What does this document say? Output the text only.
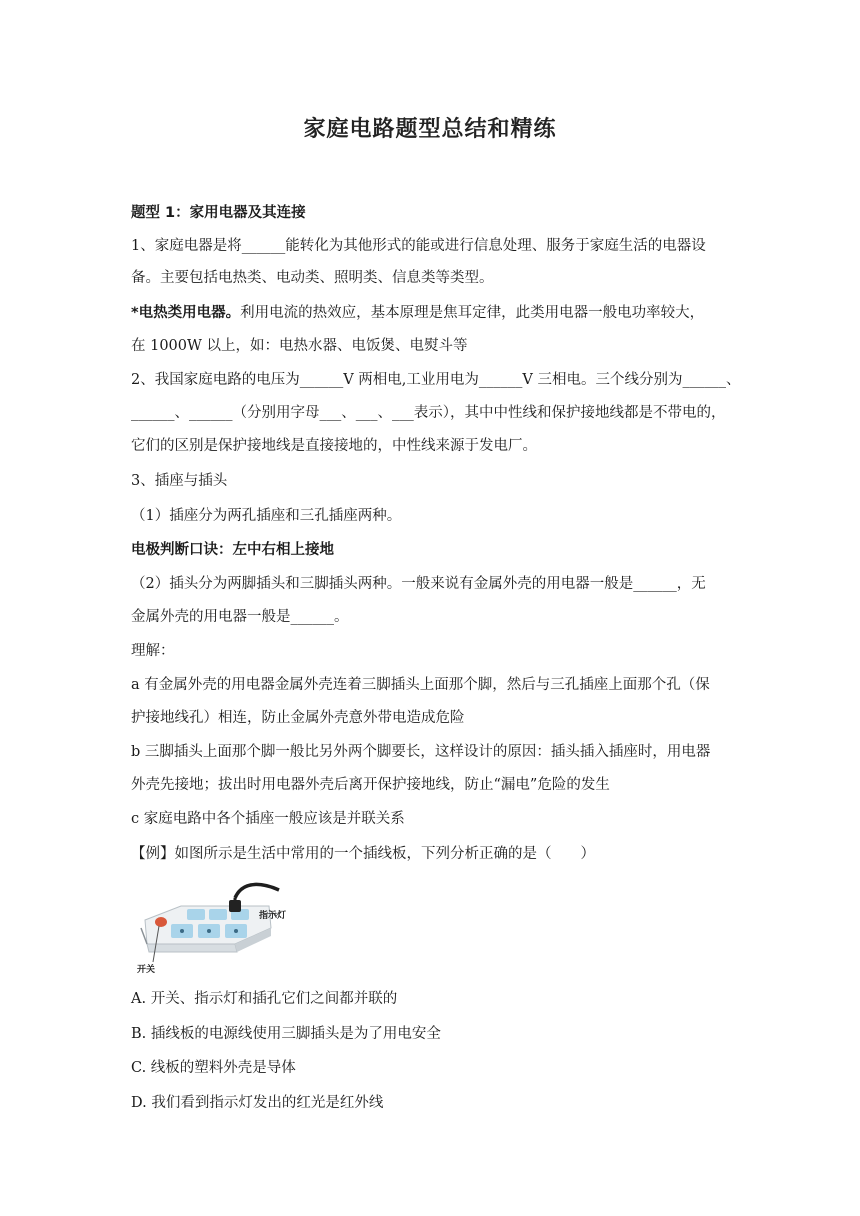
家庭电路题型总结和精练
题型 1：家用电器及其连接
1、家庭电器是将______能转化为其他形式的能或进行信息处理、服务于家庭生活的电器设
备。主要包括电热类、电动类、照明类、信息类等类型。
*电热类用电器。利用电流的热效应，基本原理是焦耳定律，此类用电器一般电功率较大，
在 1000W 以上，如：电热水器、电饭煲、电熨斗等
2、我国家庭电路的电压为______V 两相电,工业用电为______V 三相电。三个线分别为______、
______、______（分别用字母___、___、___表示），其中中性线和保护接地线都是不带电的，
它们的区别是保护接地线是直接接地的，中性线来源于发电厂。
3、插座与插头
（1）插座分为两孔插座和三孔插座两种。
电极判断口诀：左中右相上接地
（2）插头分为两脚插头和三脚插头两种。一般来说有金属外壳的用电器一般是______，无
金属外壳的用电器一般是______。
理解：
a 有金属外壳的用电器金属外壳连着三脚插头上面那个脚，然后与三孔插座上面那个孔（保
护接地线孔）相连，防止金属外壳意外带电造成危险
b 三脚插头上面那个脚一般比另外两个脚要长，这样设计的原因：插头插入插座时，用电器
外壳先接地；拔出时用电器外壳后离开保护接地线，防止“漏电”危险的发生
c 家庭电路中各个插座一般应该是并联关系
【例】如图所示是生活中常用的一个插线板，下列分析正确的是（　　）
指示灯
开关
A. 开关、指示灯和插孔它们之间都并联的
B. 插线板的电源线使用三脚插头是为了用电安全
C. 线板的塑料外壳是导体
D. 我们看到指示灯发出的红光是红外线
